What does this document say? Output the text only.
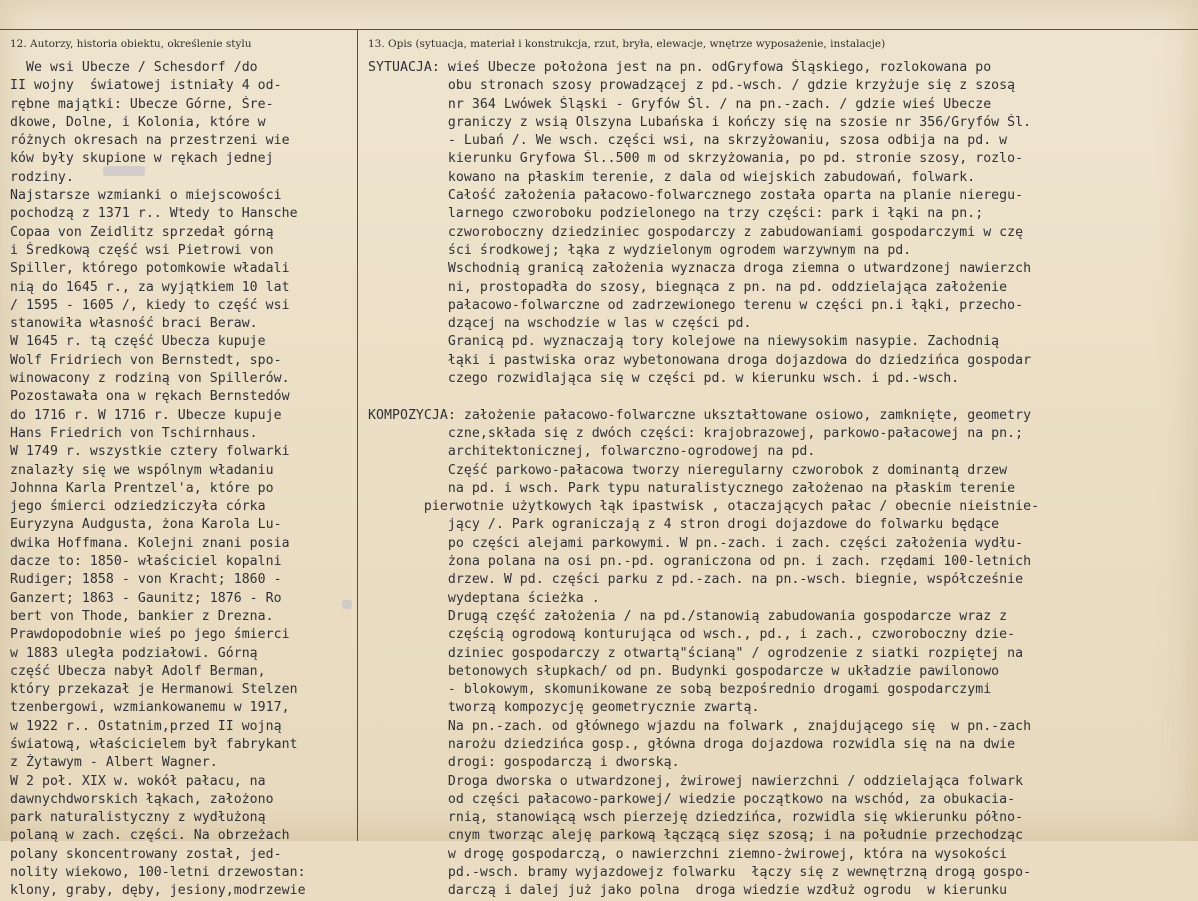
12. Autorzy, historia obiektu, określenie stylu	13. Opis (sytuacja, materiał i konstrukcja, rzut, bryła, elewacje, wnętrze wyposażenie, instalacje)
We wsi Ubecze / Schesdorf /do
II wojny  światowej istniały 4 od-
rębne majątki: Ubecze Górne, Śre-
dkowe, Dolne, i Kolonia, które w
różnych okresach na przestrzeni wie
ków były skupione w rękach jednej
rodziny.
Najstarsze wzmianki o miejscowości
pochodzą z 1371 r.. Wtedy to Hansche
Copaa von Zeidlitz sprzedał górną
i Średkową część wsi Pietrowi von
Spiller, którego potomkowie władali
nią do 1645 r., za wyjątkiem 10 lat
/ 1595 - 1605 /, kiedy to część wsi
stanowiła własność braci Beraw.
W 1645 r. tą część Ubecza kupuje
Wolf Fridriech von Bernstedt, spo-
winowacony z rodziną von Spillerów.
Pozostawała ona w rękach Bernstedów
do 1716 r. W 1716 r. Ubecze kupuje
Hans Friedrich von Tschirnhaus.
W 1749 r. wszystkie cztery folwarki
znalazły się we wspólnym władaniu
Johnna Karla Prentzel'a, które po
jego śmierci odziedziczyła córka
Euryzyna Audgusta, żona Karola Lu-
dwika Hoffmana. Kolejni znani posia
dacze to: 1850- właściciel kopalni
Rudiger; 1858 - von Kracht; 1860 -
Ganzert; 1863 - Gaunitz; 1876 - Ro
bert von Thode, bankier z Drezna.
Prawdopodobnie wieś po jego śmierci
w 1883 uległa podziałowi. Górną
część Ubecza nabył Adolf Berman,
który przekazał je Hermanowi Stelzen
tzenbergowi, wzmiankowanemu w 1917,
w 1922 r.. Ostatnim,przed II wojną
światową, właścicielem był fabrykant
z Żytawym - Albert Wagner.
W 2 poł. XIX w. wokół pałacu, na
dawnychdworskich łąkach, założono
park naturalistyczny z wydłużoną
polaną w zach. części. Na obrzeżach
polany skoncentrowany został, jed-
nolity wiekowo, 100-letni drzewostan:
klony, graby, dęby, jesiony,modrzewie
SYTUACJA: wieś Ubecze położona jest na pn. odGryfowa Śląskiego, rozlokowana po
obu stronach szosy prowadzącej z pd.-wsch. / gdzie krzyżuje się z szosą
nr 364 Lwówek Śląski - Gryfów Śl. / na pn.-zach. / gdzie wieś Ubecze
graniczy z wsią Olszyna Lubańska i kończy się na szosie nr 356/Gryfów Śl.
- Lubań /. We wsch. części wsi, na skrzyżowaniu, szosa odbija na pd. w
kierunku Gryfowa Śl..500 m od skrzyżowania, po pd. stronie szosy, rozlo-
kowano na płaskim terenie, z dala od wiejskich zabudowań, folwark.
Całość założenia pałacowo-folwarcznego została oparta na planie nieregu-
larnego czworoboku podzielonego na trzy części: park i łąki na pn.;
czworoboczny dziedziniec gospodarczy z zabudowaniami gospodarczymi w czę
ści środkowej; łąka z wydzielonym ogrodem warzywnym na pd.
Wschodnią granicą założenia wyznacza droga ziemna o utwardzonej nawierzch
ni, prostopadła do szosy, biegnąca z pn. na pd. oddzielająca założenie
pałacowo-folwarczne od zadrzewionego terenu w części pn.i łąki, przecho-
dzącej na wschodzie w las w części pd.
Granicą pd. wyznaczają tory kolejowe na niewysokim nasypie. Zachodnią
łąki i pastwiska oraz wybetonowana droga dojazdowa do dziedzińca gospodar
czego rozwidlająca się w części pd. w kierunku wsch. i pd.-wsch.
KOMPOZYCJA: założenie pałacowo-folwarczne ukształtowane osiowo, zamknięte, geometry
czne,składa się z dwóch części: krajobrazowej, parkowo-pałacowej na pn.;
architektonicznej, folwarczno-ogrodowej na pd.
Część parkowo-pałacowa tworzy nieregularny czworobok z dominantą drzew
na pd. i wsch. Park typu naturalistycznego założenao na płaskim terenie
pierwotnie użytkowych łąk ipastwisk , otaczających pałac / obecnie nieistnie-
jący /. Park ograniczają z 4 stron drogi dojazdowe do folwarku będące
po części alejami parkowymi. W pn.-zach. i zach. części założenia wydłu-
żona polana na osi pn.-pd. ograniczona od pn. i zach. rzędami 100-letnich
drzew. W pd. części parku z pd.-zach. na pn.-wsch. biegnie, współcześnie
wydeptana ścieżka .
Drugą część założenia / na pd./stanowią zabudowania gospodarcze wraz z
częścią ogrodową konturująca od wsch., pd., i zach., czworoboczny dzie-
dziniec gospodarczy z otwartą"ścianą" / ogrodzenie z siatki rozpiętej na
betonowych słupkach/ od pn. Budynki gospodarcze w układzie pawilonowo
- blokowym, skomunikowane ze sobą bezpośrednio drogami gospodarczymi
tworzą kompozycję geometrycznie zwartą.
Na pn.-zach. od głównego wjazdu na folwark , znajdującego się  w pn.-zach
narożu dziedzińca gosp., główna droga dojazdowa rozwidla się na na dwie
drogi: gospodarczą i dworską.
Droga dworska o utwardzonej, żwirowej nawierzchni / oddzielająca folwark
od części pałacowo-parkowej/ wiedzie początkowo na wschód, za obukacia-
rnią, stanowiącą wsch pierzeję dziedzińca, rozwidla się wkierunku półno-
cnym tworząc aleję parkową łączącą sięz szosą; i na południe przechodząc
w drogę gospodarczą, o nawierzchni ziemno-żwirowej, która na wysokości
pd.-wsch. bramy wyjazdowejz folwarku  łączy się z wewnętrzną drogą gospo-
darczą i dalej już jako polna  droga wiedzie wzdłuż ogrodu  w kierunku
